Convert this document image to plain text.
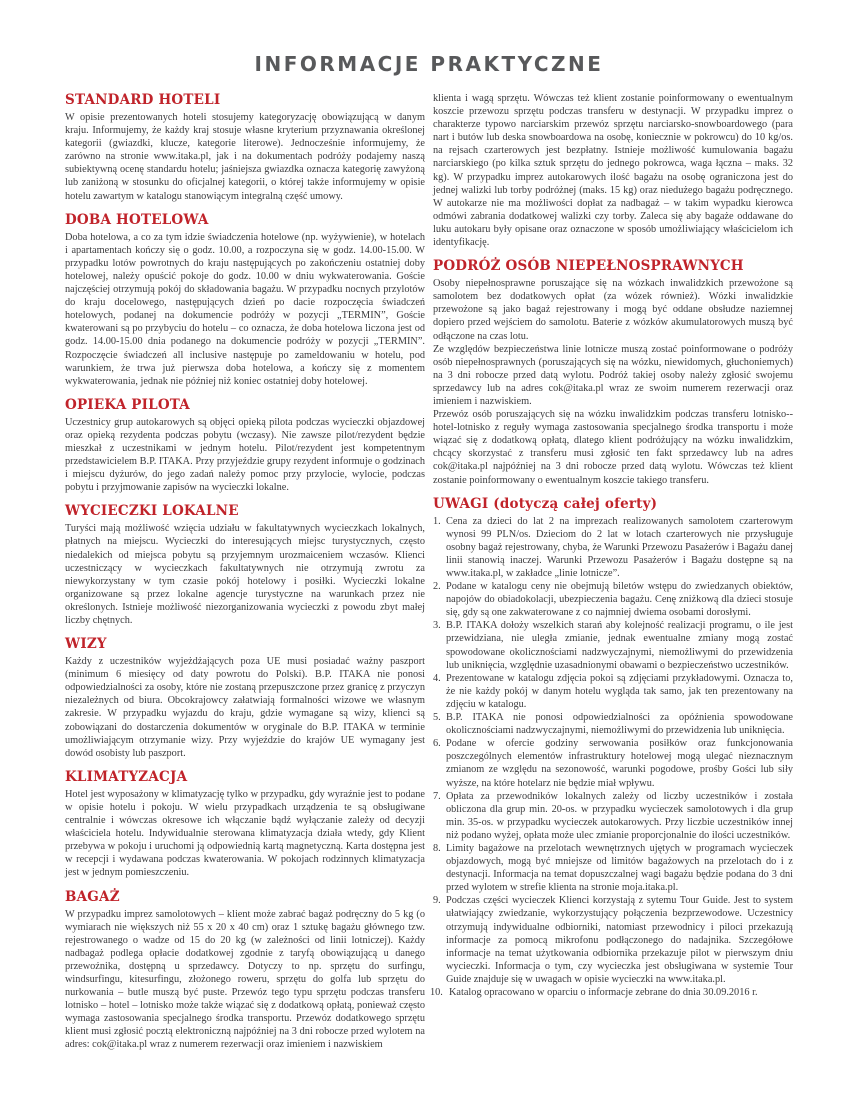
INFORMACJE PRAKTYCZNE
STANDARD HOTELI

W opisie prezentowanych hoteli stosujemy kategoryzację obowiązującą w danym kraju. Informujemy, że każdy kraj stosuje własne kryterium przyznawania określonej kategorii (gwiazdki, klucze, kategorie literowe). Jednocześnie informujemy, że zarówno na stronie www.itaka.pl, jak i na dokumentach podróży podajemy naszą subiektywną ocenę standardu hotelu; jaśniejsza gwiazdka oznacza kategorię zawyżoną lub zaniżoną w stosunku do oficjalnej kategorii, o której także informujemy w opisie hotelu zawartym w katalogu stanowiącym integralną część umowy.

DOBA HOTELOWA

Doba hotelowa, a co za tym idzie świadczenia hotelowe (np. wyżywienie), w hotelach i apartamentach kończy się o godz. 10.00, a rozpoczyna się w godz. 14.00-15.00. W przypadku lotów powrotnych do kraju następujących po zakończeniu ostatniej doby hotelowej, należy opuścić pokoje do godz. 10.00 w dniu wykwaterowania. Goście najczęściej otrzymują pokój do składowania bagażu. W przypadku nocnych przylotów do kraju docelowego, następujących dzień po dacie rozpoczęcia świadczeń hotelowych, podanej na dokumencie podróży w pozycji „TERMIN”, Goście kwaterowani są po przybyciu do hotelu – co oznacza, że doba hotelowa liczona jest od godz. 14.00-15.00 dnia podanego na dokumencie podróży w pozycji „TERMIN”. Rozpoczęcie świadczeń all inclusive następuje po zameldowaniu w hotelu, pod warunkiem, że trwa już pierwsza doba hotelowa, a kończy się z momentem wykwaterowania, jednak nie później niż koniec ostatniej doby hotelowej.

OPIEKA PILOTA

Uczestnicy grup autokarowych są objęci opieką pilota podczas wycieczki objazdowej oraz opieką rezydenta podczas pobytu (wczasy). Nie zawsze pilot/rezydent będzie mieszkał z uczestnikami w jednym hotelu. Pilot/rezydent jest kompetentnym przedstawicielem B.P. ITAKA. Przy przyjeździe grupy rezydent informuje o godzinach i miejscu dyżurów, do jego zadań należy pomoc przy przylocie, wylocie, podczas pobytu i przyjmowanie zapisów na wycieczki lokalne.

WYCIECZKI LOKALNE

Turyści mają możliwość wzięcia udziału w fakultatywnych wycieczkach lokalnych, płatnych na miejscu. Wycieczki do interesujących miejsc turystycznych, często niedalekich od miejsca pobytu są przyjemnym urozmaiceniem wczasów. Klienci uczestniczący w wycieczkach fakultatywnych nie otrzymują zwrotu za niewykorzystany w tym czasie pokój hotelowy i posiłki. Wycieczki lokalne organizowane są przez lokalne agencje turystyczne na warunkach przez nie określonych. Istnieje możliwość niezorganizowania wycieczki z powodu zbyt małej liczby chętnych.

WIZY

Każdy z uczestników wyjeżdżających poza UE musi posiadać ważny paszport (minimum 6 miesięcy od daty powrotu do Polski). B.P. ITAKA nie ponosi odpowiedzialności za osoby, które nie zostaną przepuszczone przez granicę z przyczyn niezależnych od biura. Obcokrajowcy załatwiają formalności wizowe we własnym zakresie. W przypadku wyjazdu do kraju, gdzie wymagane są wizy, klienci są zobowiązani do dostarczenia dokumentów w oryginale do B.P. ITAKA w terminie umożliwiającym otrzymanie wizy. Przy wyjeździe do krajów UE wymagany jest dowód osobisty lub paszport.

KLIMATYZACJA

Hotel jest wyposażony w klimatyzację tylko w przypadku, gdy wyraźnie jest to podane w opisie hotelu i pokoju. W wielu przypadkach urządzenia te są obsługiwane centralnie i wówczas okresowe ich włączanie bądź wyłączanie zależy od decyzji właściciela hotelu. Indywidualnie sterowana klimatyzacja działa wtedy, gdy Klient przebywa w pokoju i uruchomi ją odpowiednią kartą magnetyczną. Karta dostępna jest w recepcji i wydawana podczas kwaterowania. W pokojach rodzinnych klimatyzacja jest w jednym pomieszczeniu.

BAGAŻ

W przypadku imprez samolotowych – klient może zabrać bagaż podręczny do 5 kg (o wymiarach nie większych niż 55 x 20 x 40 cm) oraz 1 sztukę bagażu głównego tzw. rejestrowanego o wadze od 15 do 20 kg (w zależności od linii lotniczej). Każdy nadbagaż podlega opłacie dodatkowej zgodnie z taryfą obowiązującą u danego przewoźnika, dostępną u sprzedawcy. Dotyczy to np. sprzętu do surfingu, windsurfingu, kitesurfingu, złożonego roweru, sprzętu do golfa lub sprzętu do nurkowania – butle muszą być puste. Przewóz tego typu sprzętu podczas transferu lotnisko – hotel – lotnisko może także wiązać się z dodatkową opłatą, ponieważ często wymaga zastosowania specjalnego środka transportu. Przewóz dodatkowego sprzętu klient musi zgłosić pocztą elektroniczną najpóźniej na 3 dni robocze przed wylotem na adres: cok@itaka.pl wraz z numerem rezerwacji oraz imieniem i nazwiskiem

klienta i wagą sprzętu. Wówczas też klient zostanie poinformowany o ewentualnym koszcie przewozu sprzętu podczas transferu w destynacji. W przypadku imprez o charakterze typowo narciarskim przewóz sprzętu narciarsko-snowboardowego (para nart i butów lub deska snowboardowa na osobę, koniecznie w pokrowcu) do 10 kg/os. na rejsach czarterowych jest bezpłatny. Istnieje możliwość kumulowania bagażu narciarskiego (po kilka sztuk sprzętu do jednego pokrowca, waga łączna – maks. 32 kg). W przypadku imprez autokarowych ilość bagażu na osobę ograniczona jest do jednej walizki lub torby podróżnej (maks. 15 kg) oraz niedużego bagażu podręcznego. W autokarze nie ma możliwości dopłat za nadbagaż – w takim wypadku kierowca odmówi zabrania dodatkowej walizki czy torby. Zaleca się aby bagaże oddawane do luku autokaru były opisane oraz oznaczone w sposób umożliwiający właścicielom ich identyfikację.

PODRÓŻ OSÓB NIEPEŁNOSPRAWNYCH

Osoby niepełnosprawne poruszające się na wózkach inwalidzkich przewożone są samolotem bez dodatkowych opłat (za wózek również). Wózki inwalidzkie przewożone są jako bagaż rejestrowany i mogą być oddane obsłudze naziemnej dopiero przed wejściem do samolotu. Baterie z wózków akumulatorowych muszą być odłączone na czas lotu.

Ze względów bezpieczeństwa linie lotnicze muszą zostać poinformowane o podróży osób niepełnosprawnych (poruszających się na wózku, niewidomych, głuchoniemych) na 3 dni robocze przed datą wylotu. Podróż takiej osoby należy zgłosić swojemu sprzedawcy lub na adres cok@itaka.pl wraz ze swoim numerem rezerwacji oraz imieniem i nazwiskiem.

Przewóz osób poruszających się na wózku inwalidzkim podczas transferu lotnisko--hotel-lotnisko z reguły wymaga zastosowania specjalnego środka transportu i może wiązać się z dodatkową opłatą, dlatego klient podróżujący na wózku inwalidzkim, chcący skorzystać z transferu musi zgłosić ten fakt sprzedawcy lub na adres cok@itaka.pl najpóźniej na 3 dni robocze przed datą wylotu. Wówczas też klient zostanie poinformowany o ewentualnym koszcie takiego transferu.

UWAGI (dotyczą całej oferty)
Cena za dzieci do lat 2 na imprezach realizowanych samolotem czarterowym wynosi 99 PLN/os. Dzieciom do 2 lat w lotach czarterowych nie przysługuje osobny bagaż rejestrowany, chyba, że Warunki Przewozu Pasażerów i Bagażu danej linii stanowią inaczej. Warunki Przewozu Pasażerów i Bagażu dostępne są na www.itaka.pl, w zakładce „linie lotnicze”.
Podane w katalogu ceny nie obejmują biletów wstępu do zwiedzanych obiektów, napojów do obiadokolacji, ubezpieczenia bagażu. Cenę zniżkową dla dzieci stosuje się, gdy są one zakwaterowane z co najmniej dwiema osobami dorosłymi.
B.P. ITAKA dołoży wszelkich starań aby kolejność realizacji programu, o ile jest przewidziana, nie uległa zmianie, jednak ewentualne zmiany mogą zostać spowodowane okolicznościami nadzwyczajnymi, niemożliwymi do przewidzenia lub uniknięcia, względnie uzasadnionymi obawami o bezpieczeństwo uczestników.
Prezentowane w katalogu zdjęcia pokoi są zdjęciami przykładowymi. Oznacza to, że nie każdy pokój w danym hotelu wygląda tak samo, jak ten prezentowany na zdjęciu w katalogu.
B.P. ITAKA nie ponosi odpowiedzialności za opóźnienia spowodowane okolicznościami nadzwyczajnymi, niemożliwymi do przewidzenia lub uniknięcia.
Podane w ofercie godziny serwowania posiłków oraz funkcjonowania poszczególnych elementów infrastruktury hotelowej mogą ulegać nieznacznym zmianom ze względu na sezonowość, warunki pogodowe, prośby Gości lub siły wyższe, na które hotelarz nie będzie miał wpływu.
Opłata za przewodników lokalnych zależy od liczby uczestników i została obliczona dla grup min. 20-os. w przypadku wycieczek samolotowych i dla grup min. 35-os. w przypadku wycieczek autokarowych. Przy liczbie uczestników innej niż podano wyżej, opłata może ulec zmianie proporcjonalnie do ilości uczestników.
Limity bagażowe na przelotach wewnętrznych ujętych w programach wycieczek objazdowych, mogą być mniejsze od limitów bagażowych na przelotach do i z destynacji. Informacja na temat dopuszczalnej wagi bagażu będzie podana do 3 dni przed wylotem w strefie klienta na stronie moja.itaka.pl.
Podczas części wycieczek Klienci korzystają z sytemu Tour Guide. Jest to system ułatwiający zwiedzanie, wykorzystujący połączenia bezprzewodowe. Uczestnicy otrzymują indywidualne odbiorniki, natomiast przewodnicy i piloci przekazują informacje za pomocą mikrofonu podłączonego do nadajnika. Szczegółowe informacje na temat użytkowania odbiornika przekazuje pilot w pierwszym dniu wycieczki. Informacja o tym, czy wycieczka jest obsługiwana w systemie Tour Guide znajduje się w uwagach w opisie wycieczki na www.itaka.pl.
Katalog opracowano w oparciu o informacje zebrane do dnia 30.09.2016 r.
